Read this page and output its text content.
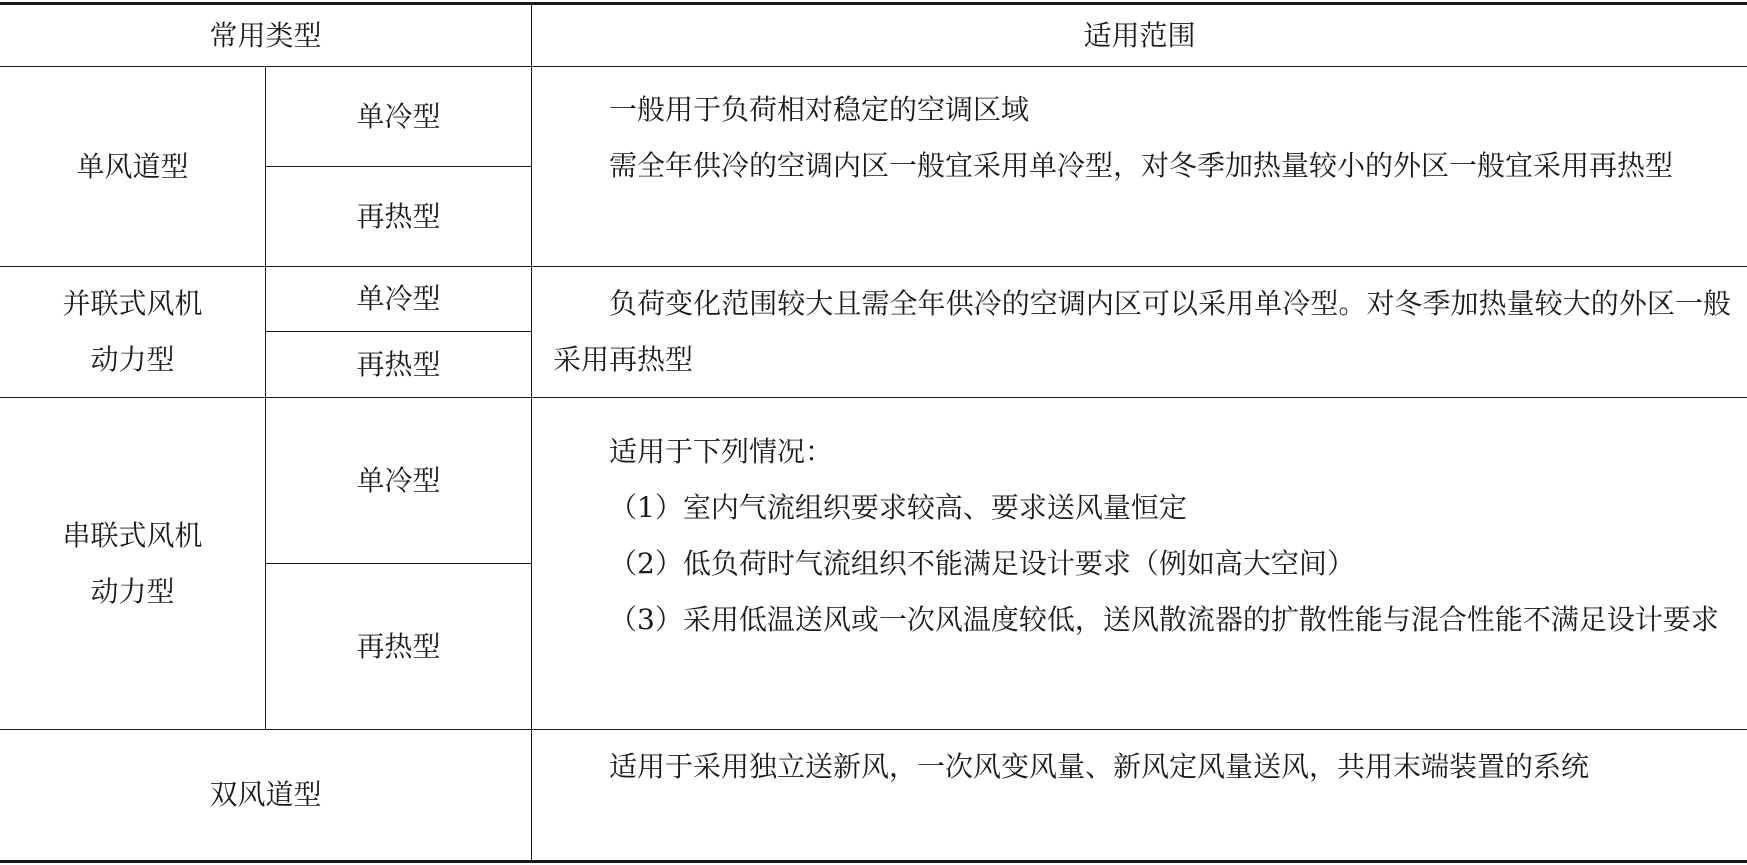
常用类型	适用范围
单风道型
单冷型
再热型

一般用于负荷相对稳定的空调区域

需全年供冷的空调内区一般宜采用单冷型，对冬季加热量较小的外区一般宜采用再热型

并联式风机
动力型
单冷型
再热型

负荷变化范围较大且需全年供冷的空调内区可以采用单冷型。对冬季加热量较大的外区一般采用再热型

串联式风机
动力型
单冷型
再热型

适用于下列情况：

（1）室内气流组织要求较高、要求送风量恒定

（2）低负荷时气流组织不能满足设计要求（例如高大空间）

（3）采用低温送风或一次风温度较低，送风散流器的扩散性能与混合性能不满足设计要求

双风道型

适用于采用独立送新风，一次风变风量、新风定风量送风，共用末端装置的系统
